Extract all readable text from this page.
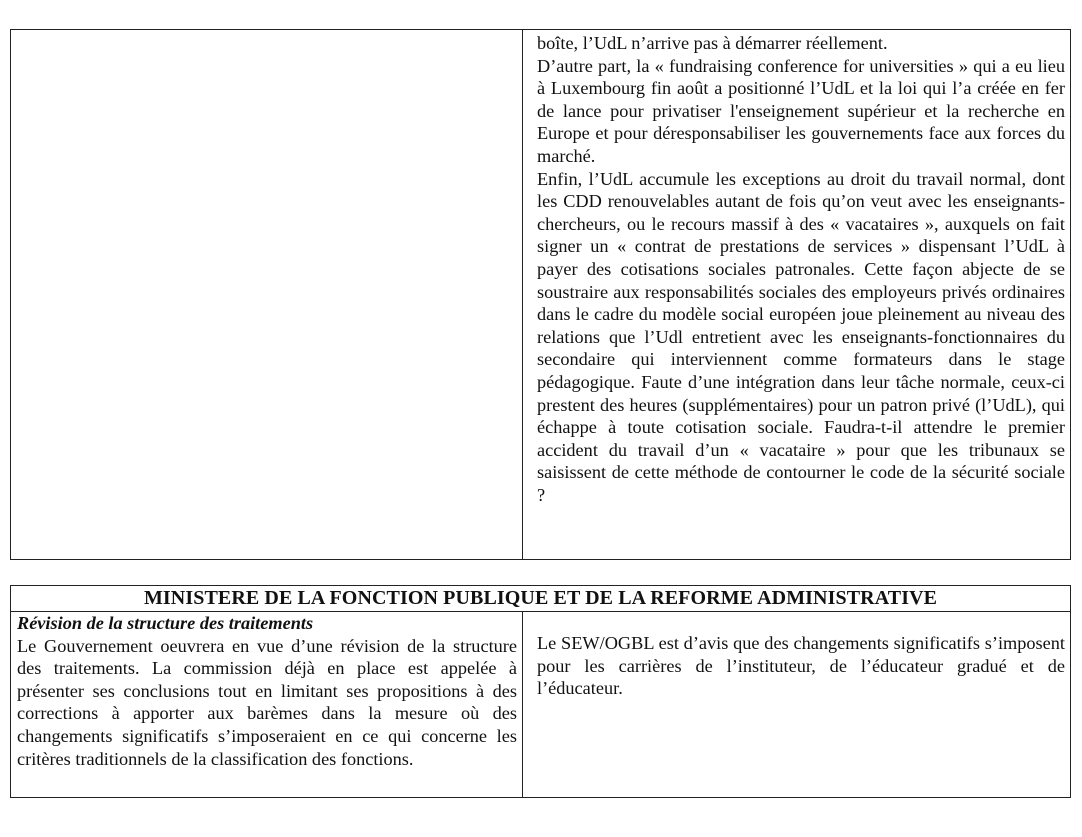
boîte, l’UdL n’arrive pas à démarrer réellement.

D’autre part, la « fundraising conference for universities » qui a eu lieu à Luxembourg fin août a positionné l’UdL et la loi qui l’a créée en fer de lance pour privatiser l'enseignement supérieur et la recherche en Europe et pour déresponsabiliser les gouvernements face aux forces du marché.

Enfin, l’UdL accumule les exceptions au droit du travail normal, dont les CDD renouvelables autant de fois qu’on veut avec les enseignants-chercheurs, ou le recours massif à des « vacataires », auxquels on fait signer un « contrat de prestations de services » dispensant l’UdL à payer des cotisations sociales patronales. Cette façon abjecte de se soustraire aux responsabilités sociales des employeurs privés ordinaires dans le cadre du modèle social européen joue pleinement au niveau des relations que l’Udl entretient avec les enseignants-fonctionnaires du secondaire qui interviennent comme formateurs dans le stage pédagogique. Faute d’une intégration dans leur tâche normale, ceux-ci prestent des heures (supplémentaires) pour un patron privé (l’UdL), qui échappe à toute cotisation sociale. Faudra-t-il attendre le premier accident du travail d’un « vacataire » pour que les tribunaux se saisissent de cette méthode de contourner le code de la sécurité sociale ?

MINISTERE DE LA FONCTION PUBLIQUE ET DE LA REFORME ADMINISTRATIVE

Révision de la structure des traitements

Le Gouvernement oeuvrera en vue d’une révision de la structure des traitements. La commission déjà en place est appelée à présenter ses conclusions tout en limitant ses propositions à des corrections à apporter aux barèmes dans la mesure où des changements significatifs s’imposeraient en ce qui concerne les critères traditionnels de la classification des fonctions.

Le SEW/OGBL est d’avis que des changements significatifs s’imposent pour les carrières de l’instituteur, de l’éducateur gradué et de l’éducateur.
